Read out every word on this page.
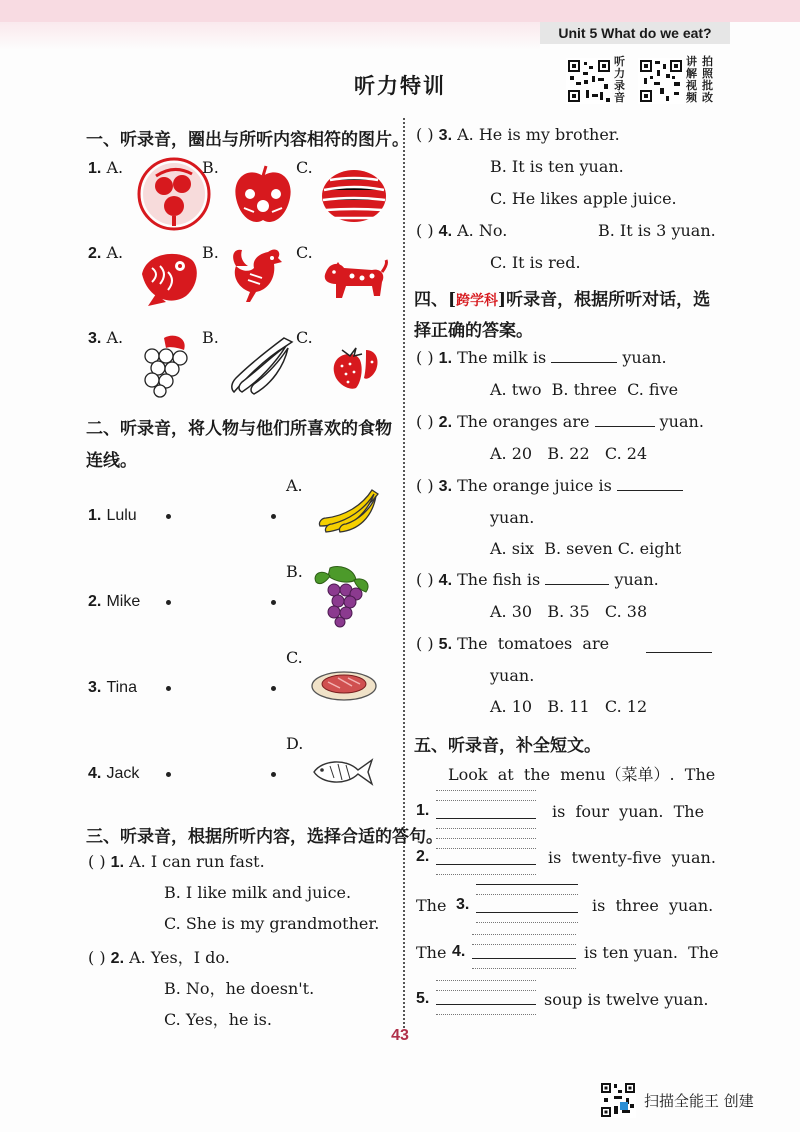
Unit 5 What do we eat?
听力特训
听力录音
讲解视频
拍照批改
一、听录音，圈出与所听内容相符的图片。
1. A.	B.	C.
2. A.	B.	C.
3. A.	B.	C.
二、听录音，将人物与他们所喜欢的食物
连线。
A.
1. Lulu
B.
2. Mike
C.
3. Tina
D.
4. Jack
三、听录音，根据所听内容，选择合适的答句。
( ) 1. A. I can run fast.
B. I like milk and juice.
C. She is my grandmother.
( ) 2. A. Yes，I do.
B. No，he doesn't.
C. Yes，he is.
( ) 3. A. He is my brother.
B. It is ten yuan.
C. He likes apple juice.
( ) 4. A. No.	B. It is 3 yuan.
C. It is red.
四、[跨学科]听录音，根据所听对话，选
择正确的答案。
( ) 1. The milk is	yuan.
A. two B. three C. five
( ) 2. The oranges are	yuan.
A. 20 B. 22 C. 24
( ) 3. The orange juice is
yuan.
A. six B. seven C. eight
( ) 4. The fish is	yuan.
A. 30 B. 35 C. 38
( ) 5. The  tomatoes  are
yuan.
A. 10 B. 11 C. 12
五、听录音，补全短文。
Look  at  the  menu（菜单）.  The
1.	is  four  yuan.  The
2.	is  twenty-five  yuan.
The 3.	is  three  yuan.
The 4.	is ten yuan.  The
5.	soup is twelve yuan.
43
扫描全能王 创建
